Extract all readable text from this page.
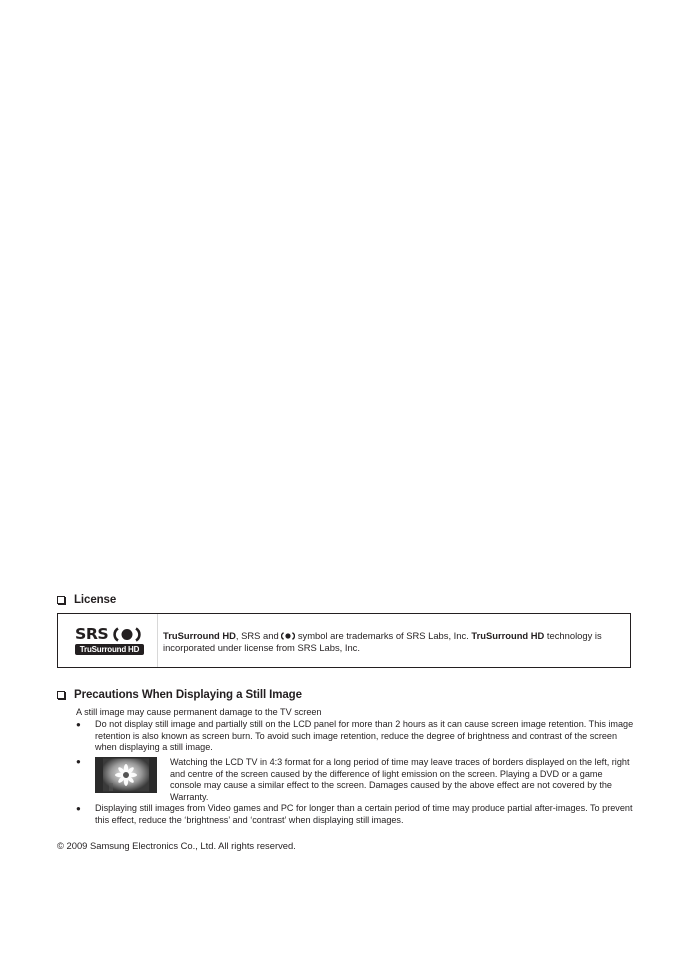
License
SRS
TruSurround HD
TruSurround HD, SRS and  symbol are trademarks of SRS Labs, Inc. TruSurround HD technology is incorporated under license from SRS Labs, Inc.
Precautions When Displaying a Still Image
A still image may cause permanent damage to the TV screen
● Do not display still image and partially still on the LCD panel for more than 2 hours as it can cause screen image retention. This image retention is also known as screen burn. To avoid such image retention, reduce the degree of brightness and contrast of the screen when displaying a still image.
●	Watching the LCD TV in 4:3 format for a long period of time may leave traces of borders displayed on the left, right and centre of the screen caused by the difference of light emission on the screen. Playing a DVD or a game console may cause a similar effect to the screen. Damages caused by the above effect are not covered by the Warranty.
● Displaying still images from Video games and PC for longer than a certain period of time may produce partial after-images. To prevent this effect, reduce the ‘brightness’ and ‘contrast’ when displaying still images.
© 2009 Samsung Electronics Co., Ltd. All rights reserved.
